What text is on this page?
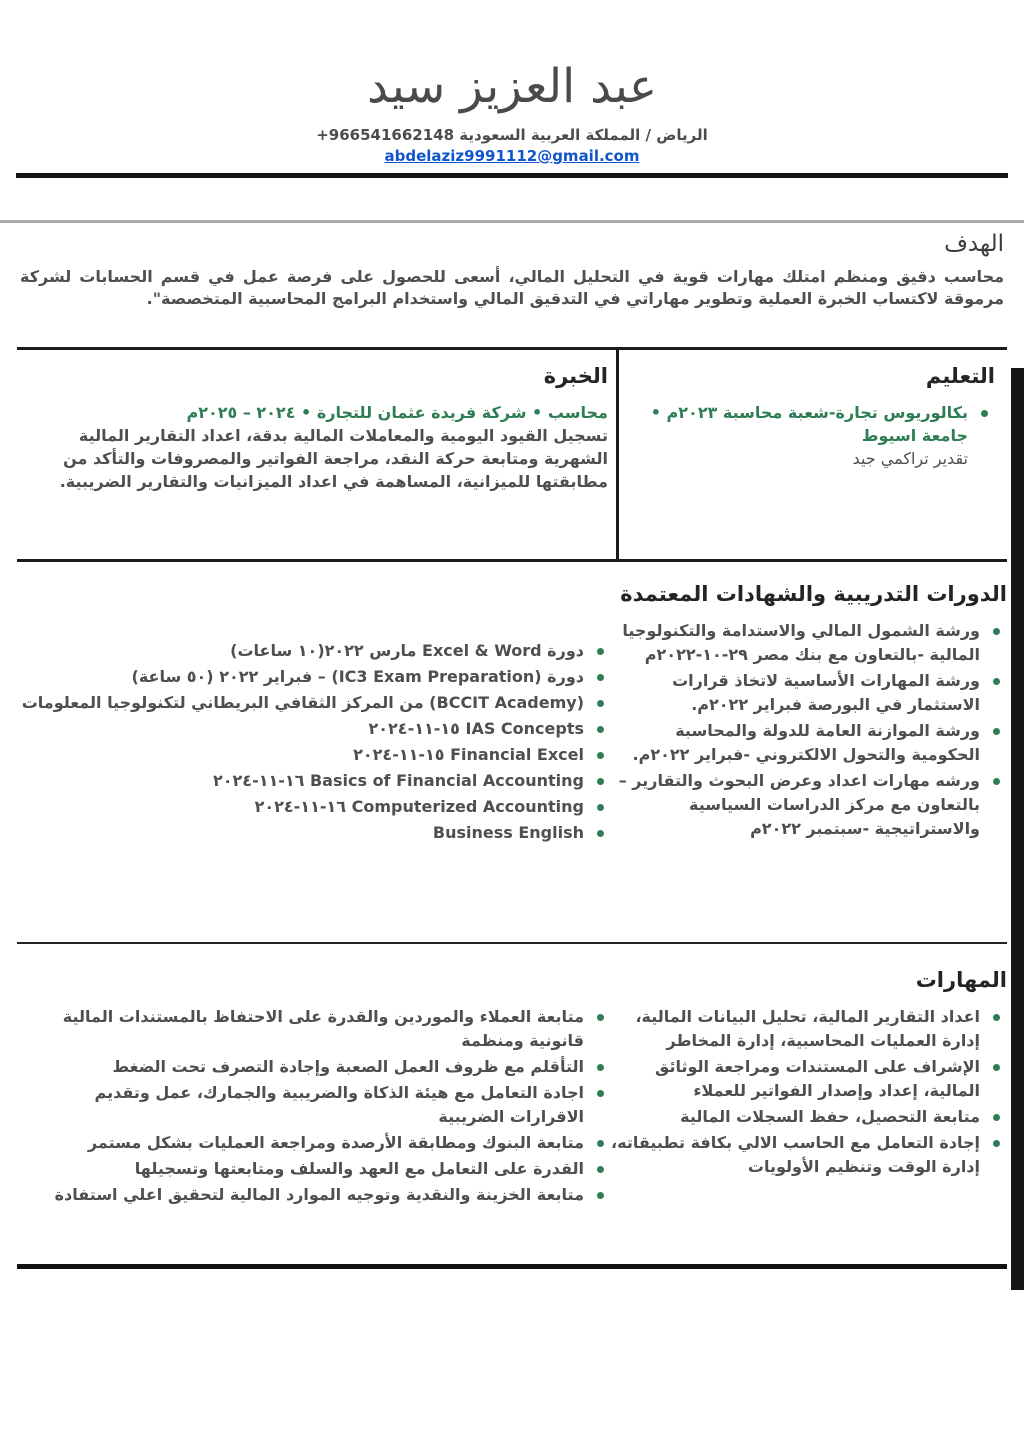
عبد العزيز سيد
الرياض / المملكة العربية السعودية 966541662148+
abdelaziz9991112@gmail.com
الهدف

محاسب دقيق ومنظم امتلك مهارات قوية في التحليل المالي، أسعى للحصول على فرصة عمل في قسم الحسابات لشركة مرموقة لاكتساب الخبرة العملية وتطوير مهاراتي في التدقيق المالي واستخدام البرامج المحاسبية المتخصصة".

التعليم
بكالوريوس تجارة-شعبة محاسبة ٢٠٢٣م • جامعة اسيوط
تقدير تراكمي جيد
الخبرة
محاسب • شركة فريدة عثمان للتجارة • ٢٠٢٤ – ٢٠٢٥م
تسجيل القيود اليومية والمعاملات المالية بدقة، اعداد التقارير المالية الشهرية ومتابعة حركة النقد، مراجعة الفواتير والمصروفات والتأكد من مطابقتها للميزانية، المساهمة في اعداد الميزانيات والتقارير الضريبية.
الدورات التدريبية والشهادات المعتمدة
ورشة الشمول المالي والاستدامة والتكنولوجيا المالية -بالتعاون مع بنك مصر ٢٩-١٠-٢٠٢٢م
ورشة المهارات الأساسية لاتخاذ قرارات الاستثمار في البورصة فبراير ٢٠٢٢م.
ورشة الموازنة العامة للدولة والمحاسبة الحكومية والتحول الالكتروني -فبراير ٢٠٢٢م.
ورشه مهارات اعداد وعرض البحوث والتقارير – بالتعاون مع مركز الدراسات السياسية والاستراتيجية -سبتمبر ٢٠٢٢م
دورة Excel & Word مارس ٢٠٢٢(١٠ ساعات)
دورة (IC3 Exam Preparation) – فبراير ٢٠٢٢ (٥٠ ساعة)
(BCCIT Academy) من المركز الثقافي البريطاني لتكنولوجيا المعلومات
IAS Concepts ١٥-١١-٢٠٢٤
Financial Excel ١٥-١١-٢٠٢٤
Basics of Financial Accounting ١٦-١١-٢٠٢٤
Computerized Accounting ١٦-١١-٢٠٢٤
Business English
المهارات
اعداد التقارير المالية، تحليل البيانات المالية، إدارة العمليات المحاسبية، إدارة المخاطر
الإشراف على المستندات ومراجعة الوثائق المالية، إعداد وإصدار الفواتير للعملاء
متابعة التحصيل، حفظ السجلات المالية
إجادة التعامل مع الحاسب الالي بكافة تطبيقاته، إدارة الوقت وتنظيم الأولويات
متابعة العملاء والموردين والقدرة على الاحتفاظ بالمستندات المالية قانونية ومنظمة
التأقلم مع ظروف العمل الصعبة وإجادة التصرف تحت الضغط
اجادة التعامل مع هيئة الذكاة والضريبية والجمارك، عمل وتقديم الاقرارات الضريبية
متابعة البنوك ومطابقة الأرصدة ومراجعة العمليات بشكل مستمر
القدرة على التعامل مع العهد والسلف ومتابعتها وتسجيلها
متابعة الخزينة والنقدية وتوجيه الموارد المالية لتحقيق اعلي استفادة
